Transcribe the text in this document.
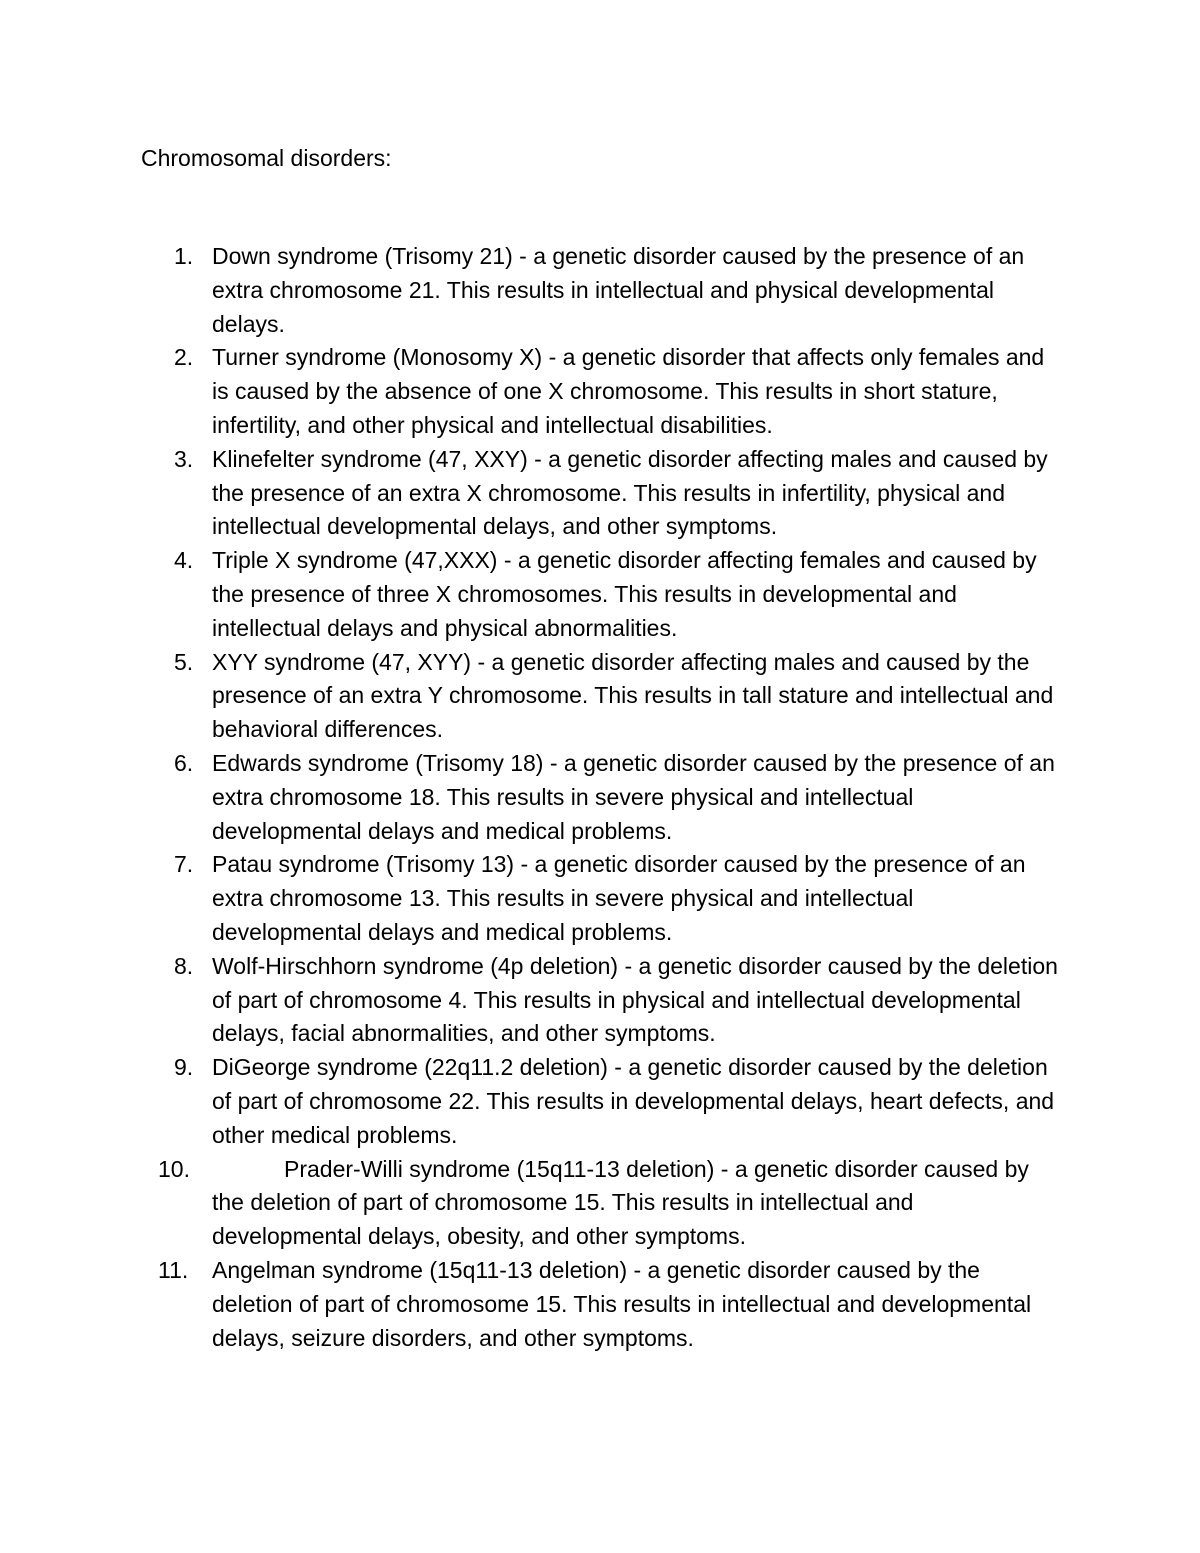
Chromosomal disorders:
1. Down syndrome (Trisomy 21) - a genetic disorder caused by the presence of an extra chromosome 21. This results in intellectual and physical developmental delays.
2. Turner syndrome (Monosomy X) - a genetic disorder that affects only females and is caused by the absence of one X chromosome. This results in short stature, infertility, and other physical and intellectual disabilities.
3. Klinefelter syndrome (47, XXY) - a genetic disorder affecting males and caused by the presence of an extra X chromosome. This results in infertility, physical and intellectual developmental delays, and other symptoms.
4. Triple X syndrome (47,XXX) - a genetic disorder affecting females and caused by the presence of three X chromosomes. This results in developmental and intellectual delays and physical abnormalities.
5. XYY syndrome (47, XYY) - a genetic disorder affecting males and caused by the presence of an extra Y chromosome. This results in tall stature and intellectual and behavioral differences.
6. Edwards syndrome (Trisomy 18) - a genetic disorder caused by the presence of an extra chromosome 18. This results in severe physical and intellectual developmental delays and medical problems.
7. Patau syndrome (Trisomy 13) - a genetic disorder caused by the presence of an extra chromosome 13. This results in severe physical and intellectual developmental delays and medical problems.
8. Wolf-Hirschhorn syndrome (4p deletion) - a genetic disorder caused by the deletion of part of chromosome 4. This results in physical and intellectual developmental delays, facial abnormalities, and other symptoms.
9. DiGeorge syndrome (22q11.2 deletion) - a genetic disorder caused by the deletion of part of chromosome 22. This results in developmental delays, heart defects, and other medical problems.
10.	Prader-Willi syndrome (15q11-13 deletion) - a genetic disorder caused by the deletion of part of chromosome 15. This results in intellectual and developmental delays, obesity, and other symptoms.
11. Angelman syndrome (15q11-13 deletion) - a genetic disorder caused by the deletion of part of chromosome 15. This results in intellectual and developmental delays, seizure disorders, and other symptoms.
